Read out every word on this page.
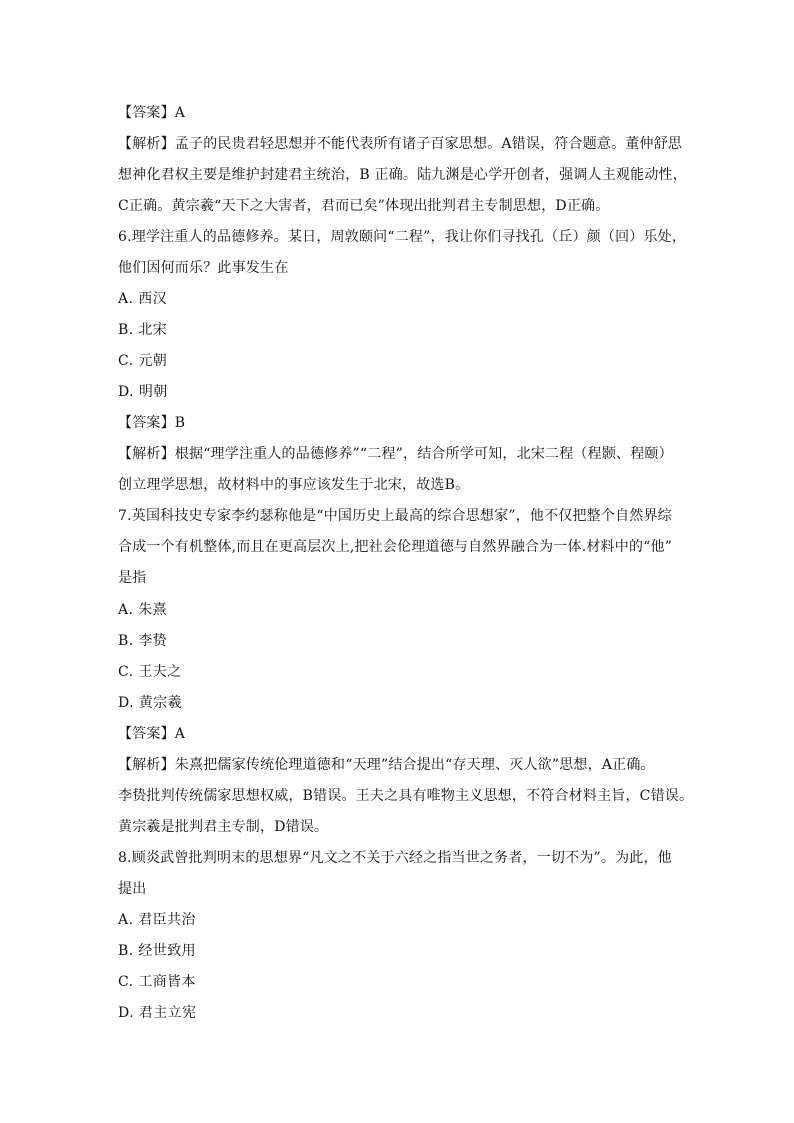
【答案】A
【解析】孟子的民贵君轻思想并不能代表所有诸子百家思想。A错误，符合题意。董仲舒思
想神化君权主要是维护封建君主统治，B 正确。陆九渊是心学开创者，强调人主观能动性，
C正确。黄宗羲“天下之大害者，君而已矣”体现出批判君主专制思想，D正确。
6.理学注重人的品德修养。某日，周敦颐问“二程”，我让你们寻找孔（丘）颜（回）乐处，
他们因何而乐？此事发生在
A. 西汉
B. 北宋
C. 元朝
D. 明朝
【答案】B
【解析】根据“理学注重人的品德修养”“二程”，结合所学可知，北宋二程（程颢、程颐）
创立理学思想，故材料中的事应该发生于北宋，故选B。
7.英国科技史专家李约瑟称他是“中国历史上最高的综合思想家”，他不仅把整个自然界综
合成一个有机整体,而且在更高层次上,把社会伦理道德与自然界融合为一体.材料中的“他”
是指
A. 朱熹
B. 李贽
C. 王夫之
D. 黄宗羲
【答案】A
【解析】朱熹把儒家传统伦理道德和“天理”结合提出“存天理、灭人欲”思想，A正确。
李贽批判传统儒家思想权威，B错误。王夫之具有唯物主义思想，不符合材料主旨，C错误。
黄宗羲是批判君主专制，D错误。
8.顾炎武曾批判明末的思想界“凡文之不关于六经之指当世之务者，一切不为”。为此，他
提出
A. 君臣共治
B. 经世致用
C. 工商皆本
D. 君主立宪
